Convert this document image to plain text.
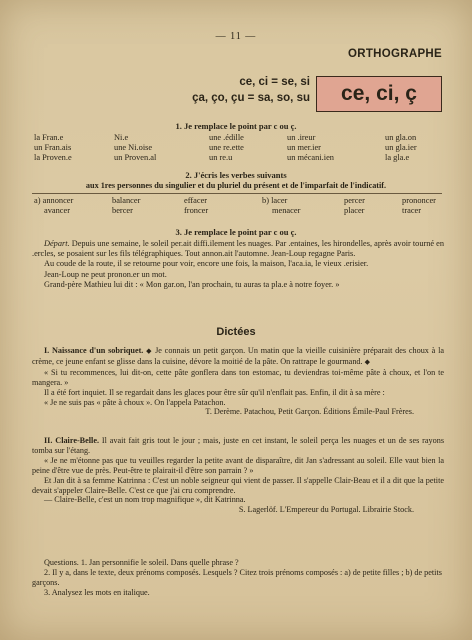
— 11 —
ORTHOGRAPHE
ce, ci = se, si
ça, ço, çu = sa, so, su	ce, ci, ç
1. Je remplace le point par c ou ç.
la Fran.e
un Fran.ais
la Proven.e
Ni.e
une Ni.oise
un Proven.al
une .édille
une re.ette
un re.u
un .ireur
un mer.ier
un mécani.ien
un gla.on
un gla.ier
la gla.e
2. J'écris les verbes suivants
aux 1res personnes du singulier et du pluriel du présent et de l'imparfait de l'indicatif.
a) annoncer
avancer
balancer
bercer
effacer
froncer
b) lacer
menacer
percer
placer
prononcer
tracer
3. Je remplace le point par c ou ç.
Départ. Depuis une semaine, le soleil per.ait diffi.ilement les nuages. Par .entaines, les hirondelles, après avoir tourné en .ercles, se posaient sur les fils télégraphiques. Tout annon.ait l'automne. Jean-Loup regagne Paris.
Au coude de la route, il se retourne pour voir, encore une fois, la maison, l'aca.ia, le vieux .erisier.
Jean-Loup ne peut pronon.er un mot.
Grand-père Mathieu lui dit : « Mon gar.on, l'an prochain, tu auras ta pla.e à notre foyer. »
Dictées

I. Naissance d'un sobriquet. ◆ Je connais un petit garçon. Un matin que la vieille cuisinière préparait des choux à la crème, ce jeune enfant se glisse dans la cuisine, dévore la moitié de la pâte. On rattrape le gourmand. ◆

« Si tu recommences, lui dit-on, cette pâte gonflera dans ton estomac, tu deviendras toi-même pâte à choux, et l'on te mangera. »

Il a été fort inquiet. Il se regardait dans les glaces pour être sûr qu'il n'enflait pas. Enfin, il dit à sa mère :

« Je ne suis pas « pâte à choux ». On l'appela Patachon.

T. Derème. Patachou, Petit Garçon. Éditions Émile-Paul Frères.

II. Claire-Belle. Il avait fait gris tout le jour ; mais, juste en cet instant, le soleil perça les nuages et un de ses rayons tomba sur l'étang.

« Je ne m'étonne pas que tu veuilles regarder la petite avant de disparaître, dit Jan s'adressant au soleil. Elle vaut bien la peine d'être vue de près. Peut-être te plairait-il d'être son parrain ? »

Et Jan dit à sa femme Katrinna : C'est un noble seigneur qui vient de passer. Il s'appelle Clair-Beau et il a dit que la petite devait s'appeler Claire-Belle. C'est ce que j'ai cru comprendre.

— Claire-Belle, c'est un nom trop magnifique », dit Katrinna.

S. Lagerlöf. L'Empereur du Portugal. Librairie Stock.

Questions. 1. Jan personnifie le soleil. Dans quelle phrase ?
2. Il y a, dans le texte, deux prénoms composés. Lesquels ? Citez trois prénoms composés : a) de petite filles ; b) de petits garçons.
3. Analysez les mots en italique.
